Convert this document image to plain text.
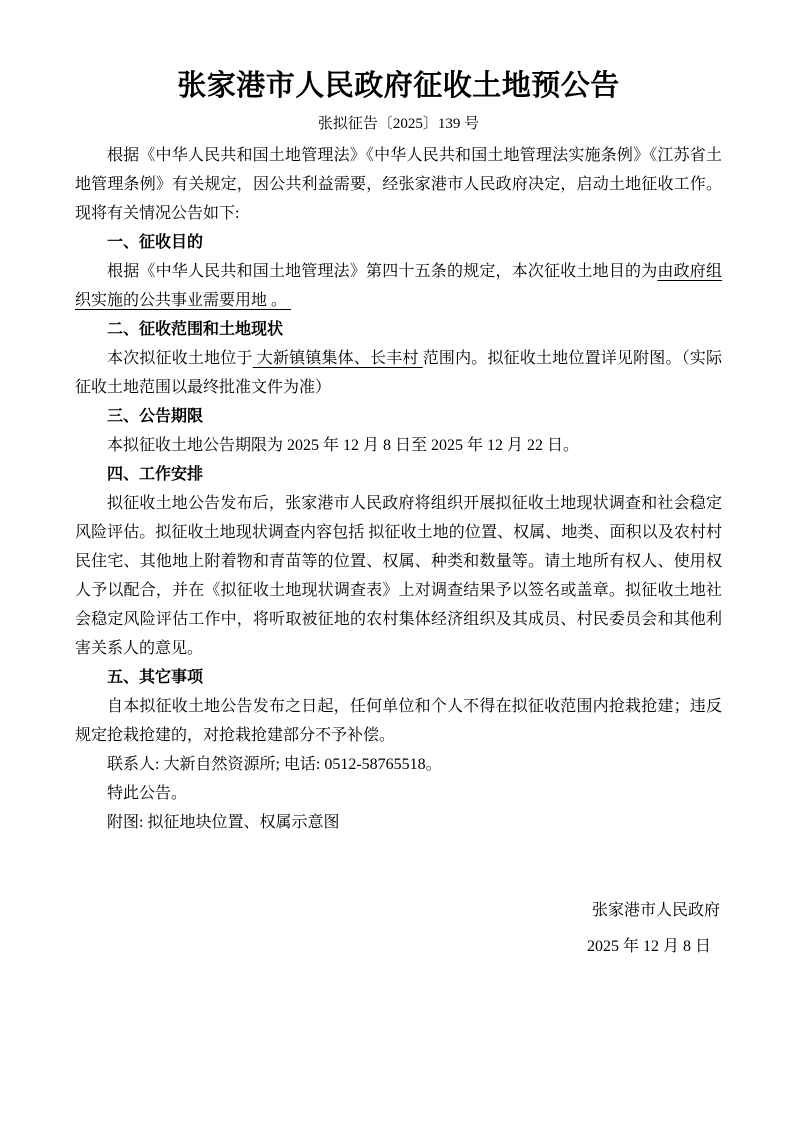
张家港市人民政府征收土地预公告
张拟征告〔2025〕139 号

根据《中华人民共和国土地管理法》《中华人民共和国土地管理法实施条例》《江苏省土地管理条例》有关规定，因公共利益需要，经张家港市人民政府决定，启动土地征收工作。现将有关情况公告如下:

一、征收目的

根据《中华人民共和国土地管理法》第四十五条的规定，本次征收土地目的为由政府组织实施的公共事业需要用地 。

二、征收范围和土地现状

本次拟征收土地位于 大新镇镇集体、长丰村 范围内。拟征收土地位置详见附图。（实际征收土地范围以最终批准文件为准）

三、公告期限

本拟征收土地公告期限为 2025 年 12 月 8 日至 2025 年 12 月 22 日。

四、工作安排

拟征收土地公告发布后，张家港市人民政府将组织开展拟征收土地现状调查和社会稳定风险评估。拟征收土地现状调查内容包括 拟征收土地的位置、权属、地类、面积以及农村村民住宅、其他地上附着物和青苗等的位置、权属、种类和数量等。请土地所有权人、使用权人予以配合，并在《拟征收土地现状调查表》上对调查结果予以签名或盖章。拟征收土地社会稳定风险评估工作中，将听取被征地的农村集体经济组织及其成员、村民委员会和其他利害关系人的意见。

五、其它事项

自本拟征收土地公告发布之日起，任何单位和个人不得在拟征收范围内抢栽抢建；违反规定抢栽抢建的，对抢栽抢建部分不予补偿。

联系人: 大新自然资源所; 电话: 0512-58765518。

特此公告。

附图: 拟征地块位置、权属示意图

张家港市人民政府

2025 年 12 月 8 日
